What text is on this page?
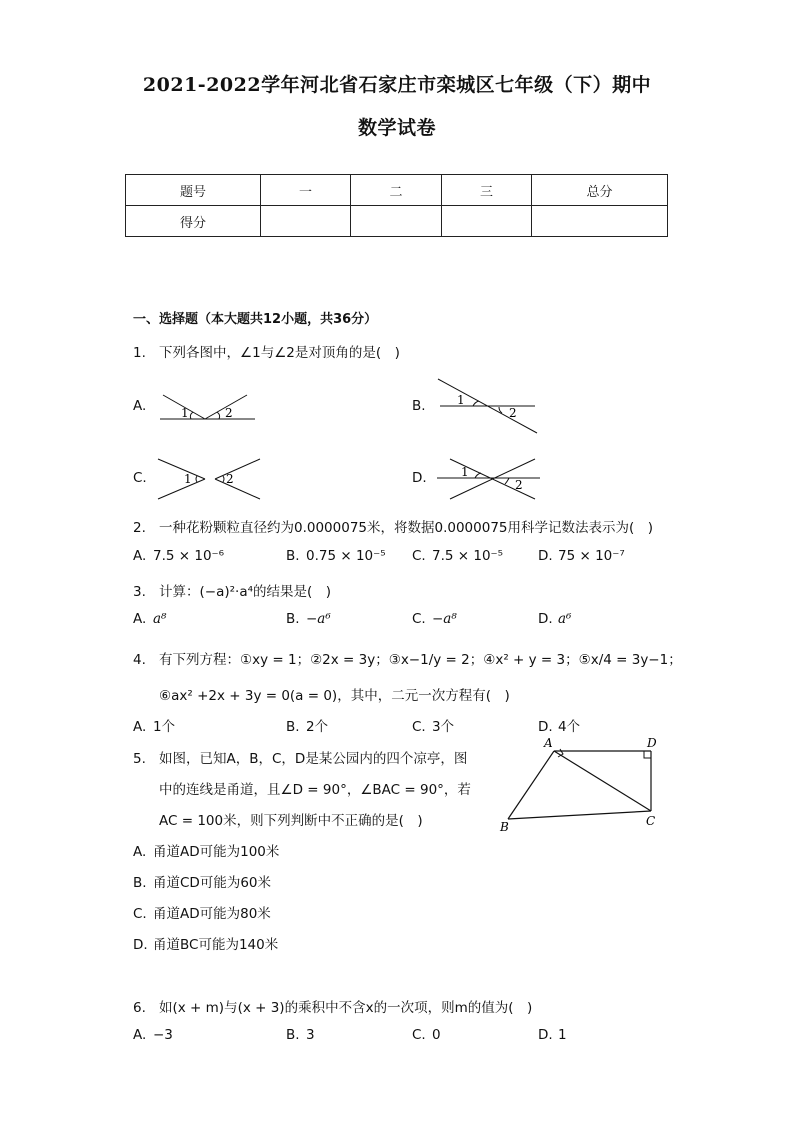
2021-2022学年河北省石家庄市栾城区七年级（下）期中
数学试卷
题号	一	二	三	总分
得分				
一、选择题（本大题共12小题，共36分）
1. 下列各图中，∠1与∠2是对顶角的是(　)
A.	1	2	B.	1
2
C.	1	2	D.	1
2
2. 一种花粉颗粒直径约为0.0000075米，将数据0.0000075用科学记数法表示为(　)
A. 7.5 × 10⁻⁶	B. 0.75 × 10⁻⁵ C. 7.5 × 10⁻⁵	D. 75 × 10⁻⁷
3. 计算：(−a)²·a⁴的结果是(　)
A. a⁸	B. −a⁶	C. −a⁸	D. a⁶
4. 有下列方程：①xy = 1；②2x = 3y；③x−1/y = 2；④x² + y = 3；⑤x/4 = 3y−1；
⑥ax² +2x + 3y = 0(a = 0)，其中，二元一次方程有(　)
A. 1个	B. 2个	C. 3个	D. 4个
5. 如图，已知A，B，C，D是某公园内的四个凉亭，图
中的连线是甬道，且∠D = 90°，∠BAC = 90°，若
AC = 100米，则下列判断中不正确的是(　)
A
B	C
D
A. 甬道AD可能为100米
B. 甬道CD可能为60米
C. 甬道AD可能为80米
D. 甬道BC可能为140米
6. 如(x + m)与(x + 3)的乘积中不含x的一次项，则m的值为(　)
A. −3	B. 3	C. 0	D. 1
